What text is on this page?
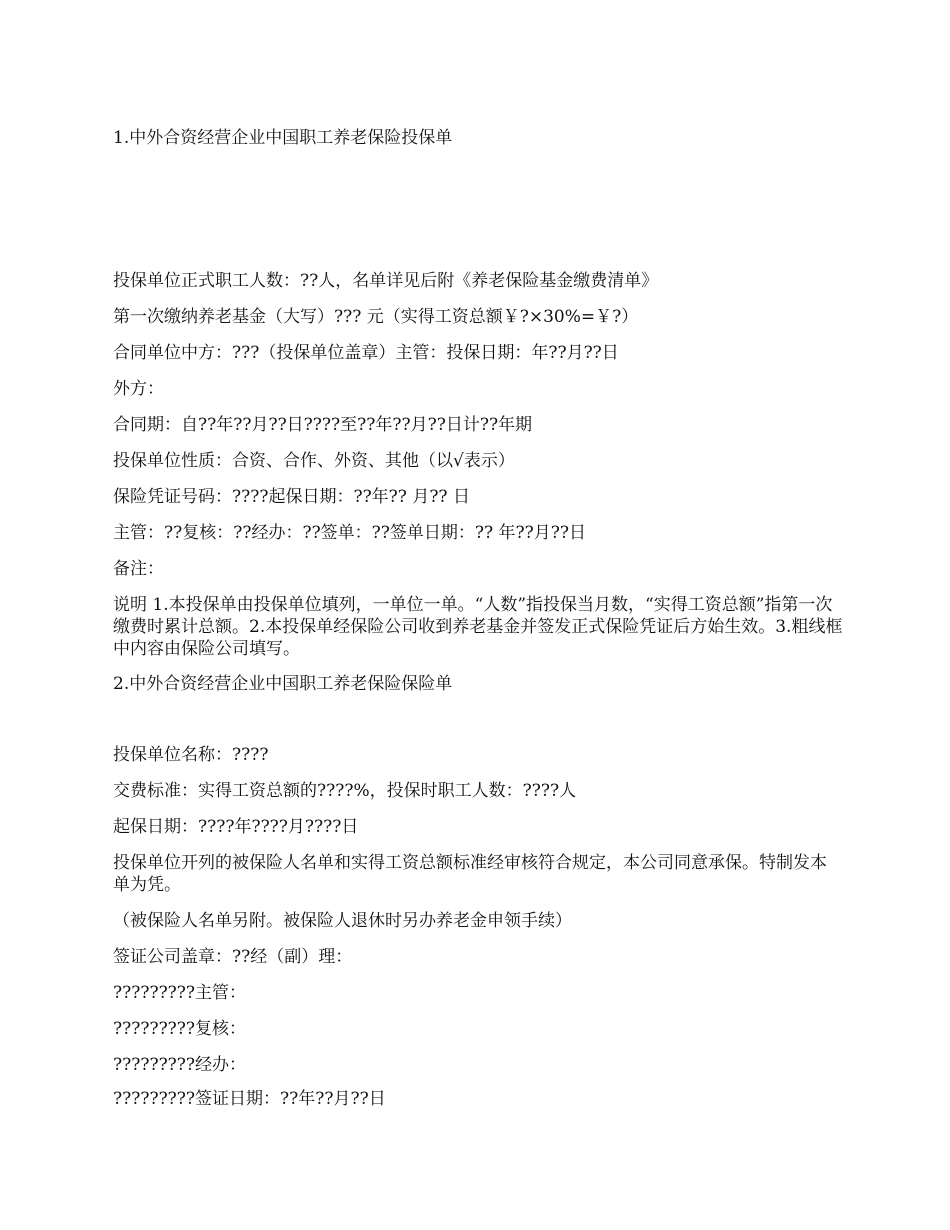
1.中外合资经营企业中国职工养老保险投保单
投保单位正式职工人数：??人，名单详见后附《养老保险基金缴费清单》
第一次缴纳养老基金（大写）??? 元（实得工资总额￥?×30%=￥?）
合同单位中方：???（投保单位盖章）主管：投保日期：年??月??日
外方：
合同期：自??年??月??日????至??年??月??日计??年期
投保单位性质：合资、合作、外资、其他（以√表示）
保险凭证号码：????起保日期：??年?? 月?? 日
主管：??复核：??经办：??签单：??签单日期：?? 年??月??日
备注：
说明 1.本投保单由投保单位填列，一单位一单。“人数”指投保当月数，“实得工资总额”指第一次缴费时累计总额。2.本投保单经保险公司收到养老基金并签发正式保险凭证后方始生效。3.粗线框中内容由保险公司填写。
2.中外合资经营企业中国职工养老保险保险单
投保单位名称：????
交费标准：实得工资总额的????%，投保时职工人数：????人
起保日期：????年????月????日
投保单位开列的被保险人名单和实得工资总额标准经审核符合规定，本公司同意承保。特制发本单为凭。
（被保险人名单另附。被保险人退休时另办养老金申领手续）
签证公司盖章：??经（副）理：
?????????主管：
?????????复核：
?????????经办：
?????????签证日期：??年??月??日
